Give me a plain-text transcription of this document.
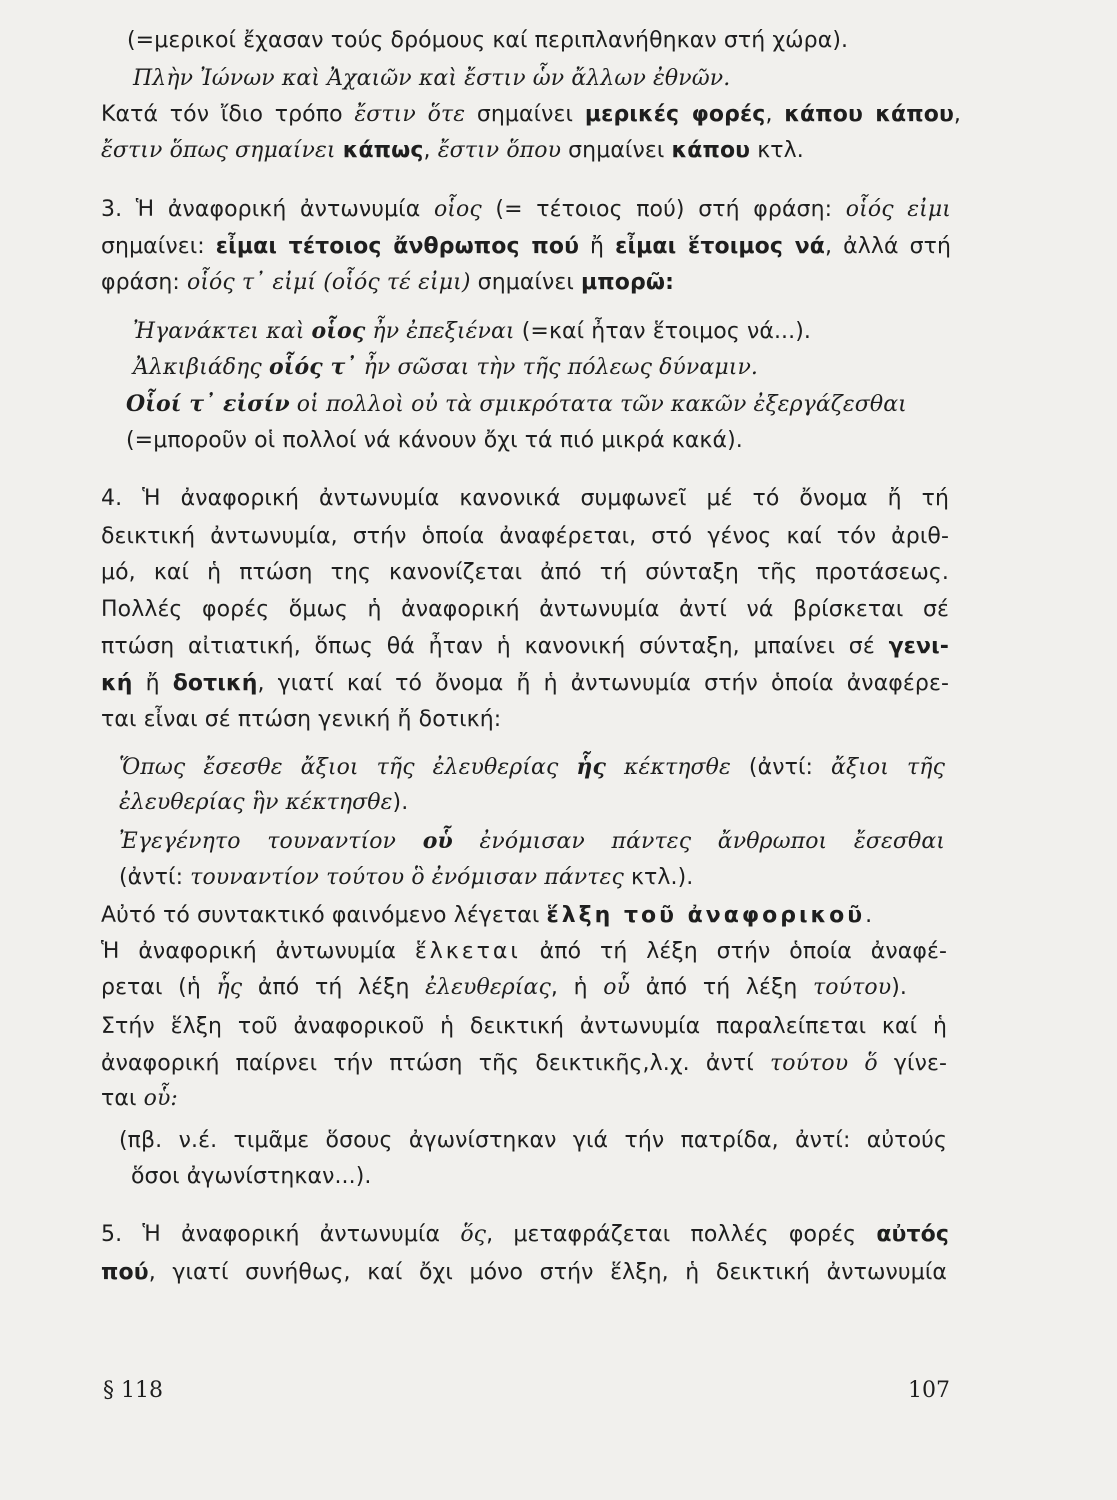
(=μερικοί ἔχασαν τούς δρόμους καί περιπλανήθηκαν στή χώρα).
Πλὴν Ἰώνων καὶ Ἀχαιῶν καὶ ἔστιν ὧν ἄλλων ἐθνῶν.
Κατά τόν ἴδιο τρόπο ἔστιν ὅτε σημαίνει μερικές φορές, κάπου κάπου,
ἔστιν ὅπως σημαίνει κάπως, ἔστιν ὅπου σημαίνει κάπου κτλ.
3. Ἡ ἀναφορική ἀντωνυμία οἷος (= τέτοιος πού) στή φράση: οἷός εἰμι
σημαίνει: εἶμαι τέτοιος ἄνθρωπος πού ἤ εἶμαι ἕτοιμος νά, ἀλλά στή
φράση: οἷός τ᾽ εἰμί (οἷός τέ εἰμι) σημαίνει μπορῶ:
Ἠγανάκτει καὶ οἷος ἦν ἐπεξιέναι (=καί ἦταν ἕτοιμος νά...).
Ἀλκιβιάδης οἷός τ᾽ ἦν σῶσαι τὴν τῆς πόλεως δύναμιν.
Οἷοί τ᾽ εἰσίν οἱ πολλοὶ οὐ τὰ σμικρότατα τῶν κακῶν ἐξεργάζεσθαι
(=μποροῦν οἱ πολλοί νά κάνουν ὄχι τά πιό μικρά κακά).
4. Ἡ ἀναφορική ἀντωνυμία κανονικά συμφωνεῖ μέ τό ὄνομα ἤ τή
δεικτική ἀντωνυμία, στήν ὁποία ἀναφέρεται, στό γένος καί τόν ἀριθ-
μό, καί ἡ πτώση της κανονίζεται ἀπό τή σύνταξη τῆς προτάσεως.
Πολλές φορές ὅμως ἡ ἀναφορική ἀντωνυμία ἀντί νά βρίσκεται σέ
πτώση αἰτιατική, ὅπως θά ἦταν ἡ κανονική σύνταξη, μπαίνει σέ γενι-
κή ἤ δοτική, γιατί καί τό ὄνομα ἤ ἡ ἀντωνυμία στήν ὁποία ἀναφέρε-
ται εἶναι σέ πτώση γενική ἤ δοτική:
Ὅπως ἔσεσθε ἄξιοι τῆς ἐλευθερίας ἧς κέκτησθε (ἀντί: ἄξιοι τῆς
ἐλευθερίας ἣν κέκτησθε).
Ἐγεγένητο τουναντίον οὗ ἐνόμισαν πάντες ἄνθρωποι ἔσεσθαι
(ἀντί: τουναντίον τούτου ὃ ἐνόμισαν πάντες κτλ.).
Αὐτό τό συντακτικό φαινόμενο λέγεται ἕλξη τοῦ ἀναφορικοῦ.
Ἡ ἀναφορική ἀντωνυμία ἕλκεται ἀπό τή λέξη στήν ὁποία ἀναφέ-
ρεται (ἡ ἧς ἀπό τή λέξη ἐλευθερίας, ἡ οὗ ἀπό τή λέξη τούτου).
Στήν ἕλξη τοῦ ἀναφορικοῦ ἡ δεικτική ἀντωνυμία παραλείπεται καί ἡ
ἀναφορική παίρνει τήν πτώση τῆς δεικτικῆς,λ.χ. ἀντί τούτου ὅ γίνε-
ται οὗ:
(πβ. ν.έ. τιμᾶμε ὅσους ἀγωνίστηκαν γιά τήν πατρίδα, ἀντί: αὐτούς
ὅσοι ἀγωνίστηκαν...).
5. Ἡ ἀναφορική ἀντωνυμία ὅς, μεταφράζεται πολλές φορές αὐτός
πού, γιατί συνήθως, καί ὄχι μόνο στήν ἕλξη, ἡ δεικτική ἀντωνυμία
§ 118	107
